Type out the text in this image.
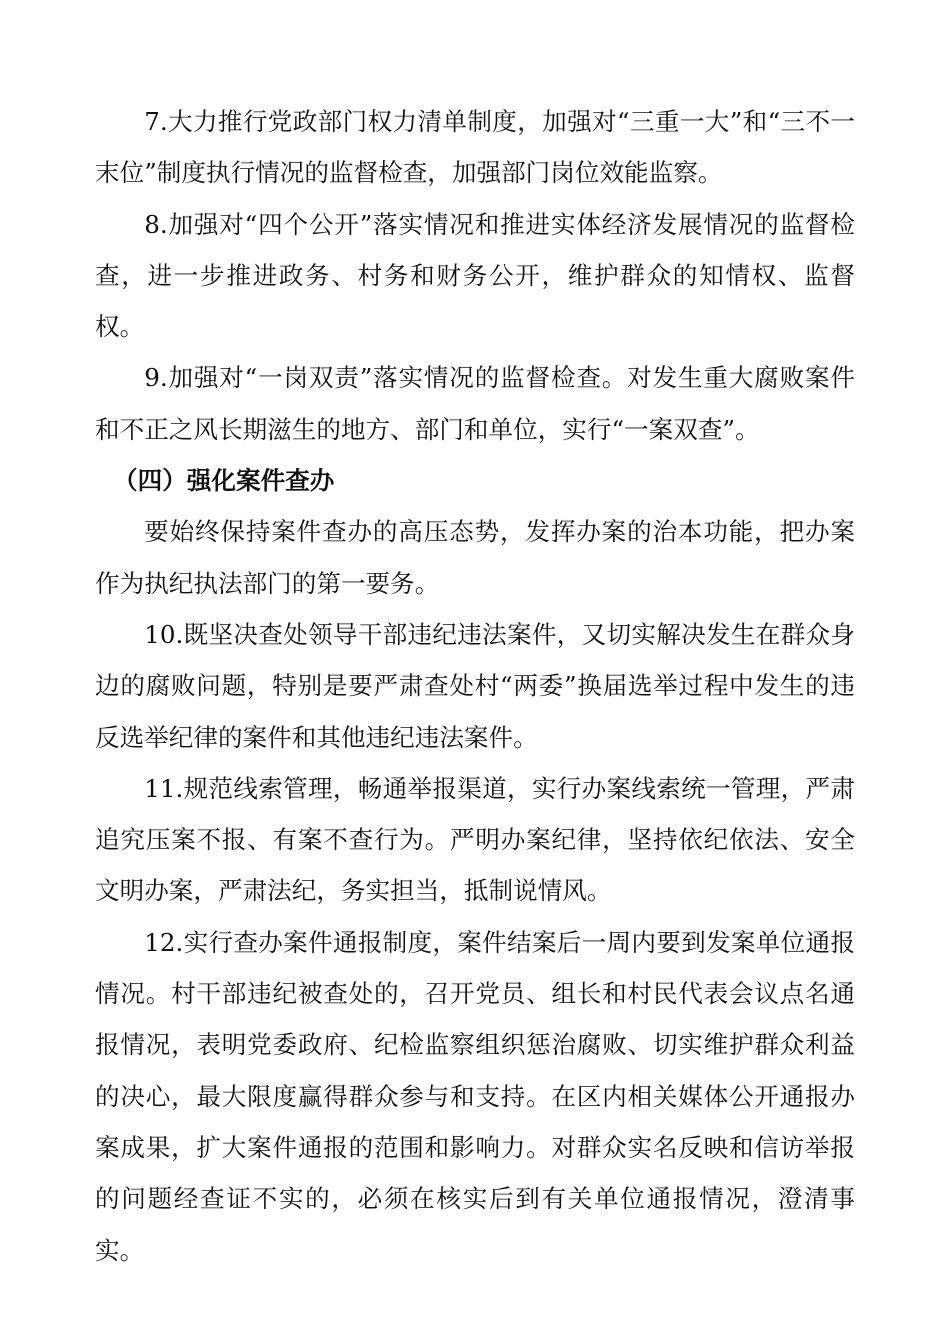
7.大力推行党政部门权力清单制度，加强对“三重一大”和“三不一末位”制度执行情况的监督检查，加强部门岗位效能监察。

8.加强对“四个公开”落实情况和推进实体经济发展情况的监督检查，进一步推进政务、村务和财务公开，维护群众的知情权、监督权。

9.加强对“一岗双责”落实情况的监督检查。对发生重大腐败案件和不正之风长期滋生的地方、部门和单位，实行“一案双查”。

（四）强化案件查办

要始终保持案件查办的高压态势，发挥办案的治本功能，把办案作为执纪执法部门的第一要务。

10.既坚决查处领导干部违纪违法案件，又切实解决发生在群众身边的腐败问题，特别是要严肃查处村“两委”换届选举过程中发生的违反选举纪律的案件和其他违纪违法案件。

11.规范线索管理，畅通举报渠道，实行办案线索统一管理，严肃追究压案不报、有案不查行为。严明办案纪律，坚持依纪依法、安全文明办案，严肃法纪，务实担当，抵制说情风。

12.实行查办案件通报制度，案件结案后一周内要到发案单位通报情况。村干部违纪被查处的，召开党员、组长和村民代表会议点名通报情况，表明党委政府、纪检监察组织惩治腐败、切实维护群众利益的决心，最大限度赢得群众参与和支持。在区内相关媒体公开通报办案成果，扩大案件通报的范围和影响力。对群众实名反映和信访举报的问题经查证不实的，必须在核实后到有关单位通报情况，澄清事实。
